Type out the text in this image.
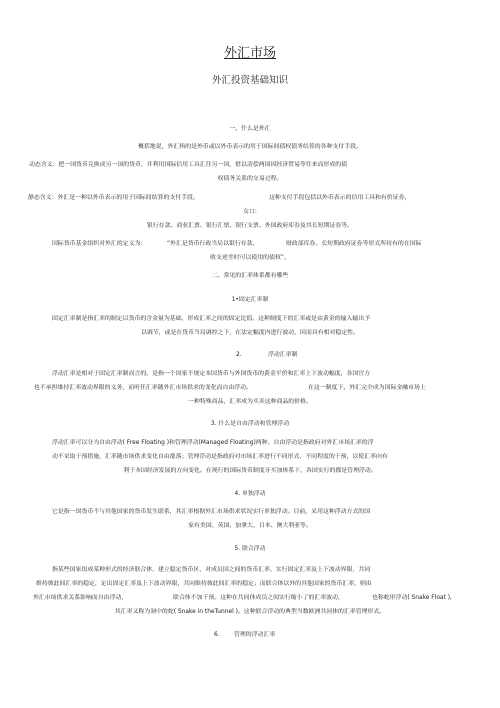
外汇市场
外汇投资基础知识
一、什么是外汇
概括地说，外汇指的是外币或以外币表示的用于国际间债权债务结算的各种支付手段。
动态含义：把一国货币兑换成另一国的货币，并利用国际信用工具汇往另一国，借以清偿两国因经济贸易等往来而形成的债
权债务关系的交易过程。
静态含义：外汇是一种以外币表示的用于国际间结算的支付手段。	这种支付手段包括以外币表示的信用工具和有价证券，
女口:
银行存款、商业汇票、银行汇票、银行支票、外国政府库券及其长短期证券等。
国际货币基金组织对外汇的定义为：	“外汇是货币行政当局以银行存款、	财政部库券、长短期政府证券等形式所持有的在国际
收支逆差时可以使用的债权”。
二、常见的汇率体系都有哪些
1•固定汇率制
固定汇率制是指汇率的制定以货币的含金量为基础，形成汇率之间的固定比值。这种制度下的汇率或是由黄金的输入输出予
以调节，或是在货币当局调控之下，在法定幅度内进行波动，因而具有相对稳定性。
2.	浮动汇率制
浮动汇率是相对于固定汇率制而言的。是指一个国家不规定本国货币与外国货币的黄金平价和汇率上下波动幅度，各国官方
也不承担维持汇率波动界限的义务，而听任汇率随外汇市场供求的变化而自由浮动。	在这一制度下，外汇完全成为国际金融市场上
一种特殊商品，汇率成为买卖这种商品的价格。
3. 什么是自由浮动和管理浮动
浮动汇率可以分为自由浮动( Free Floating )和管理浮动(Managed Floating)两种。自由浮动是指政府对外汇市场汇率的浮
动不采取干预措施，汇率随市场供求变化自由涨落；管理浮动是指政府对市场汇率进行不同形式、不同程度的干预，以使汇率向有
利于本国经济发展的方向变化。在现行的国际货币制度牙买加体系下，各国实行的都是管理浮动。
4. 单独浮动
它是指一国货币不与其他国家的货币发生联系，其汇率根据外汇市场供求状况实行单独浮动。目前，采用这种浮动方式的国
家有美国、英国、加拿大、日本、澳大利亚等。
5. 联合浮动
指某些国家组成某种形式的经济联合体，建立稳定货币区，对成员国之间的货币汇率，实行固定汇率及上下波动界限，共同
维持彼此间汇率的稳定，定出固定汇率及上下波动界限，共同维持彼此间汇率的稳定；而联合体以外的其他国家的货币汇率，则由
外汇市场供求关系影响而自由浮动，	联合体不加干预。这种在共同体成员之间实行缩小了的汇率波动，	也称蛇形浮动( Snake Float ),
其汇率又称为洞中的蛇( Snake in theTunnel )。这种联合浮动的典型当数欧洲共同体的汇率管理形式。
6. 管理的浮动汇率
